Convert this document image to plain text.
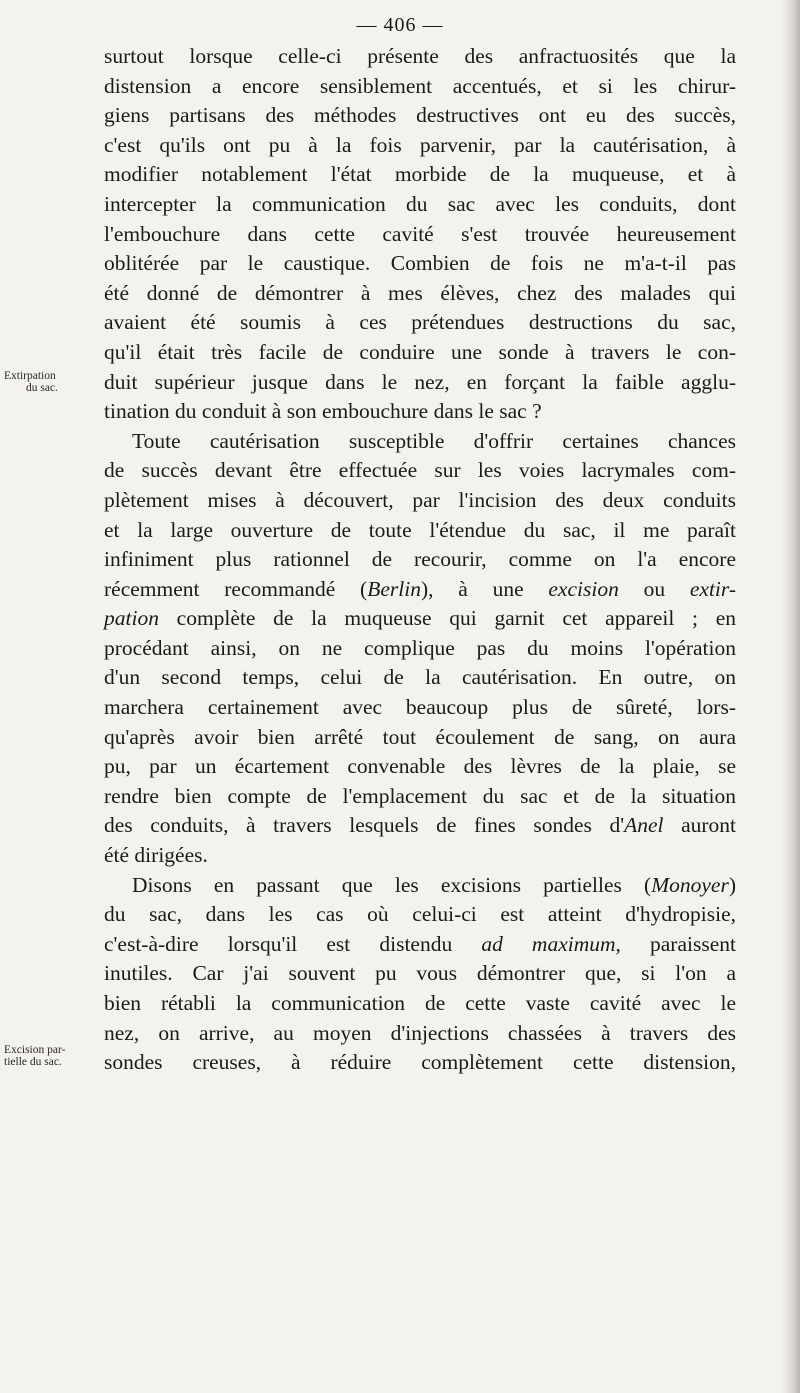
— 406 —
Extirpation
du sac.
Excision par-
tielle du sac.
surtout lorsque celle-ci présente des anfractuosités que la
distension a encore sensiblement accentués, et si les chirur-
giens partisans des méthodes destructives ont eu des succès,
c'est qu'ils ont pu à la fois parvenir, par la cautérisation, à
modifier notablement l'état morbide de la muqueuse, et à
intercepter la communication du sac avec les conduits, dont
l'embouchure dans cette cavité s'est trouvée heureusement
oblitérée par le caustique. Combien de fois ne m'a-t-il pas
été donné de démontrer à mes élèves, chez des malades qui
avaient été soumis à ces prétendues destructions du sac,
qu'il était très facile de conduire une sonde à travers le con-
duit supérieur jusque dans le nez, en forçant la faible agglu-
tination du conduit à son embouchure dans le sac ?
Toute cautérisation susceptible d'offrir certaines chances
de succès devant être effectuée sur les voies lacrymales com-
plètement mises à découvert, par l'incision des deux conduits
et la large ouverture de toute l'étendue du sac, il me paraît
infiniment plus rationnel de recourir, comme on l'a encore
récemment recommandé (Berlin), à une excision ou extir-
pation complète de la muqueuse qui garnit cet appareil ; en
procédant ainsi, on ne complique pas du moins l'opération
d'un second temps, celui de la cautérisation. En outre, on
marchera certainement avec beaucoup plus de sûreté, lors-
qu'après avoir bien arrêté tout écoulement de sang, on aura
pu, par un écartement convenable des lèvres de la plaie, se
rendre bien compte de l'emplacement du sac et de la situation
des conduits, à travers lesquels de fines sondes d'Anel auront
été dirigées.
Disons en passant que les excisions partielles (Monoyer)
du sac, dans les cas où celui-ci est atteint d'hydropisie,
c'est-à-dire lorsqu'il est distendu ad maximum, paraissent
inutiles. Car j'ai souvent pu vous démontrer que, si l'on a
bien rétabli la communication de cette vaste cavité avec le
nez, on arrive, au moyen d'injections chassées à travers des
sondes creuses, à réduire complètement cette distension,
